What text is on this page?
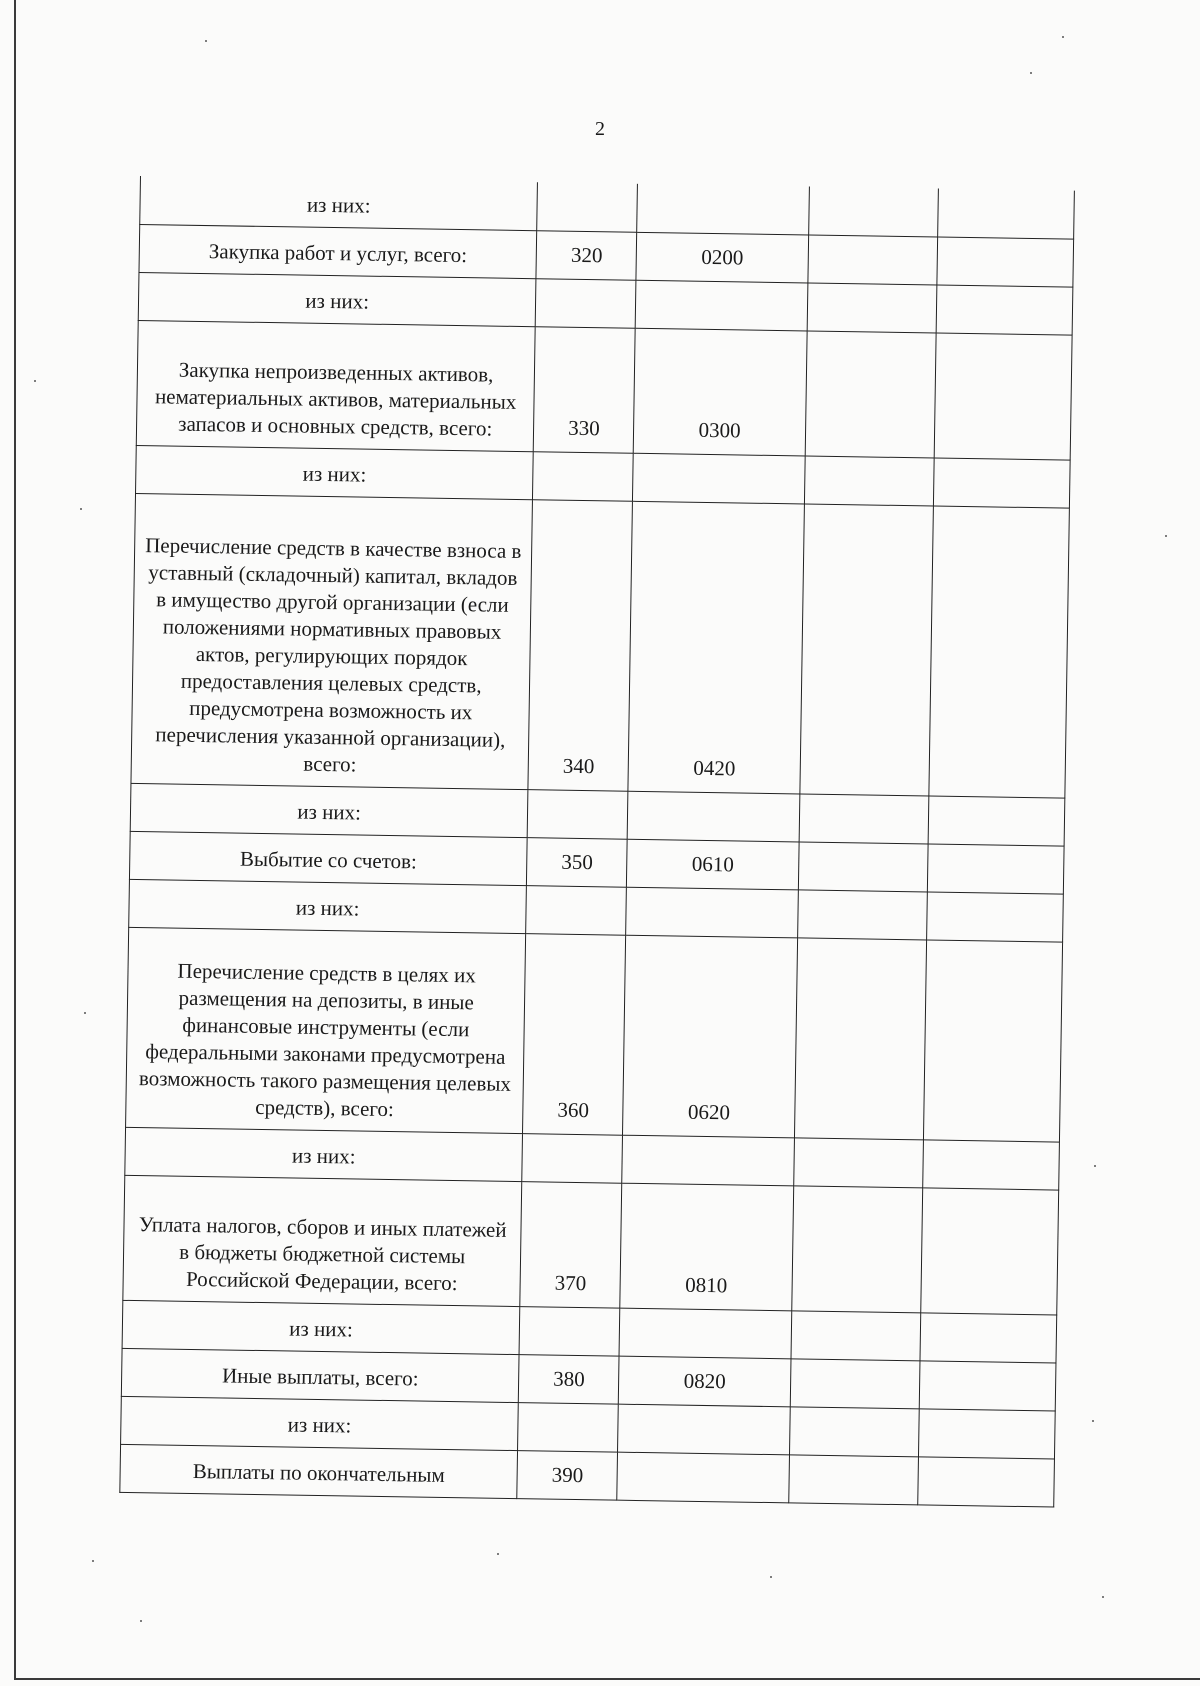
2
из них:				
Закупка работ и услуг, всего:	320	0200		
из них:				
Закупка непроизведенных активов, нематериальных активов, материальных запасов и основных средств, всего:	330	0300		
из них:				
Перечисление средств в качестве взноса в уставный (складочный) капитал, вкладов в имущество другой организации (если положениями нормативных правовых актов, регулирующих порядок предоставления целевых средств, предусмотрена возможность их перечисления указанной организации), всего:	340	0420		
из них:				
Выбытие со счетов:	350	0610		
из них:				
Перечисление средств в целях их размещения на депозиты, в иные финансовые инструменты (если федеральными законами предусмотрена возможность такого размещения целевых средств), всего:	360	0620		
из них:				
Уплата налогов, сборов и иных платежей в бюджеты бюджетной системы Российской Федерации, всего:	370	0810		
из них:				
Иные выплаты, всего:	380	0820		
из них:				
Выплаты по окончательным	390			
